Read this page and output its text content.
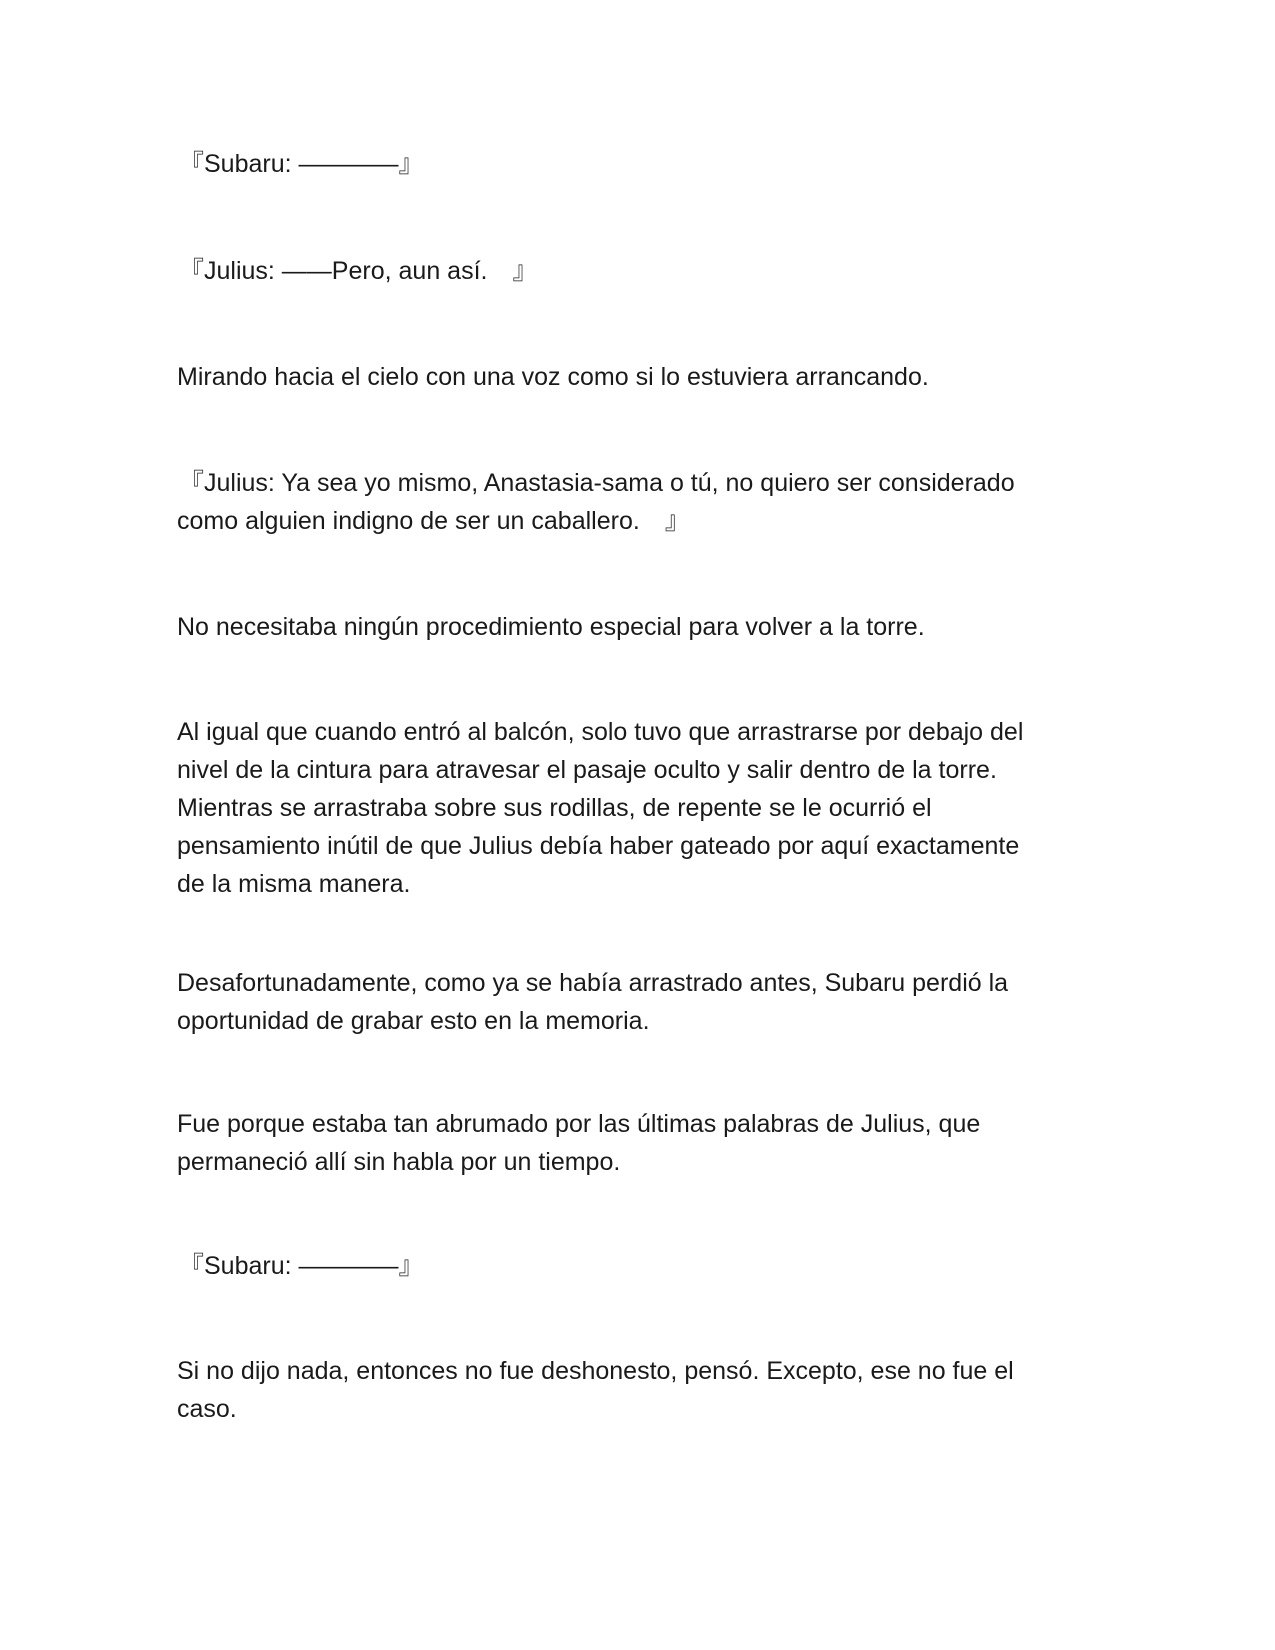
『Subaru: ――――』

『Julius: ――Pero, aun así.　』

Mirando hacia el cielo con una voz como si lo estuviera arrancando.

『Julius: Ya sea yo mismo, Anastasia-sama o tú, no quiero ser considerado
como alguien indigno de ser un caballero.　』

No necesitaba ningún procedimiento especial para volver a la torre.

Al igual que cuando entró al balcón, solo tuvo que arrastrarse por debajo del
nivel de la cintura para atravesar el pasaje oculto y salir dentro de la torre.
Mientras se arrastraba sobre sus rodillas, de repente se le ocurrió el
pensamiento inútil de que Julius debía haber gateado por aquí exactamente
de la misma manera.

Desafortunadamente, como ya se había arrastrado antes, Subaru perdió la
oportunidad de grabar esto en la memoria.

Fue porque estaba tan abrumado por las últimas palabras de Julius, que
permaneció allí sin habla por un tiempo.

『Subaru: ――――』

Si no dijo nada, entonces no fue deshonesto, pensó. Excepto, ese no fue el
caso.
